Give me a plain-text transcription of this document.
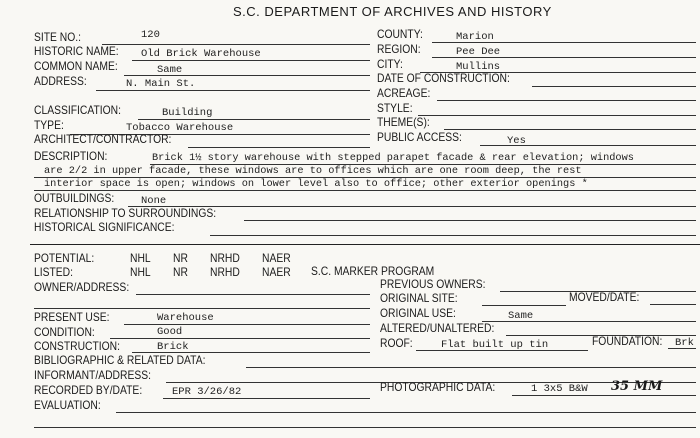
S.C. DEPARTMENT OF ARCHIVES AND HISTORY
SITE NO.:	120
HISTORIC NAME: Old Brick Warehouse
COMMON NAME:	Same
ADDRESS:	N. Main St.
COUNTY:	Marion
REGION:	Pee Dee
CITY:	Mullins
DATE OF CONSTRUCTION:
ACREAGE:
CLASSIFICATION:	Building
TYPE:	Tobacco Warehouse
ARCHITECT/CONTRACTOR:
STYLE:
THEME(S):
PUBLIC ACCESS:	Yes
DESCRIPTION:	Brick 1½ story warehouse with stepped parapet facade & rear elevation; windows
are 2/2 in upper facade, these windows are to offices which are one room deep, the rest
interior space is open; windows on lower level also to office; other exterior openings *
OUTBUILDINGS:	None
RELATIONSHIP TO SURROUNDINGS:
HISTORICAL SIGNIFICANCE:
POTENTIAL:	NHL NR NRHD NAER
LISTED:	NHL NR NRHD NAER S.C. MARKER PROGRAM
OWNER/ADDRESS:	PREVIOUS OWNERS:
ORIGINAL SITE:	MOVED/DATE:
PRESENT USE:	Warehouse
CONDITION:	Good
CONSTRUCTION:	Brick
ORIGINAL USE:	Same
ALTERED/UNALTERED:
ROOF:	Flat built up tin	FOUNDATION: Brk
BIBLIOGRAPHIC & RELATED DATA:
INFORMANT/ADDRESS:
RECORDED BY/DATE:	EPR 3/26/82	PHOTOGRAPHIC DATA:	1 3x5 B&W 35 MM
EVALUATION:
